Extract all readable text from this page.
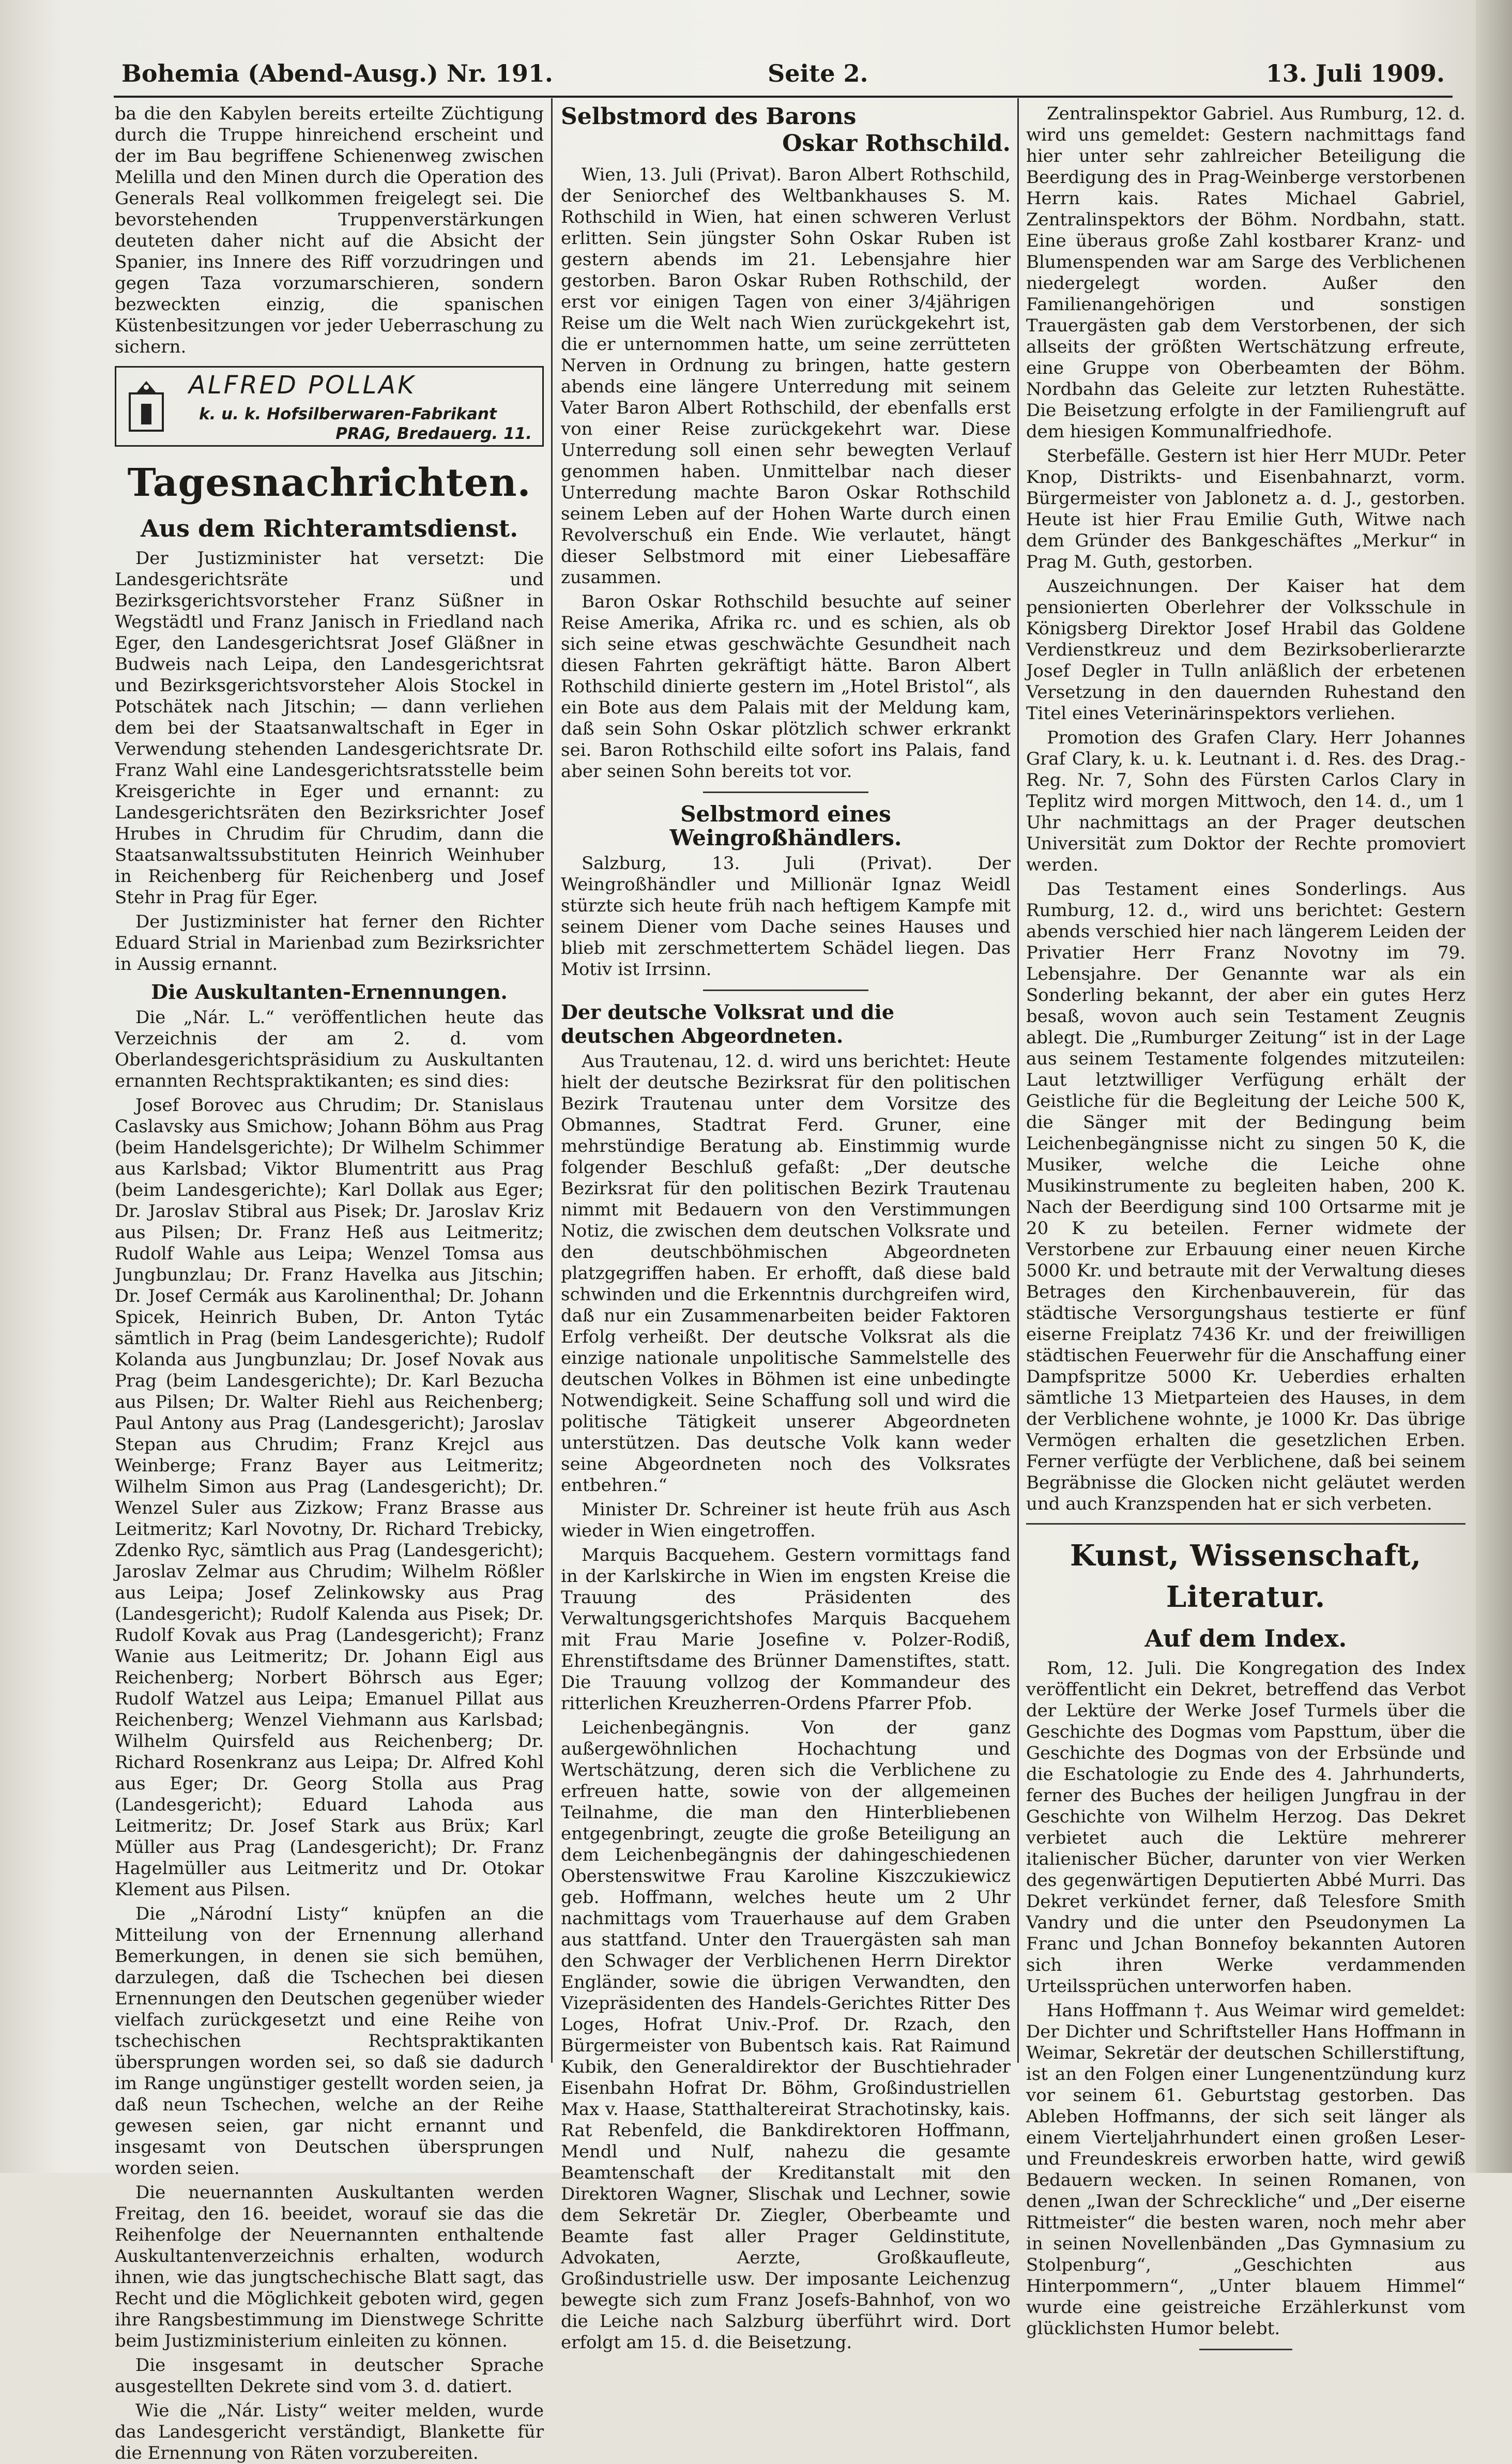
Bohemia (Abend-Ausg.) Nr. 191.	Seite 2.	13. Juli 1909.

ba die den Kabylen bereits erteilte Züchtigung durch die Truppe hinreichend erscheint und der im Bau begriffene Schienenweg zwischen Melilla und den Minen durch die Operation des Generals Real vollkommen freigelegt sei. Die bevorstehenden Truppenverstärkungen deuteten daher nicht auf die Absicht der Spanier, ins Innere des Riff vorzudringen und gegen Taza vorzumarschieren, sondern bezweckten einzig, die spanischen Küstenbesitzungen vor jeder Ueberraschung zu sichern.

ALFRED POLLAK
k. u. k. Hofsilberwaren-Fabrikant
PRAG, Bredauerg. 11.
Tagesnachrichten.
Aus dem Richteramtsdienst.

Der Justizminister hat versetzt: Die Landesgerichtsräte und Bezirksgerichtsvorsteher Franz Süßner in Wegstädtl und Franz Janisch in Friedland nach Eger, den Landesgerichtsrat Josef Gläßner in Budweis nach Leipa, den Landesgerichtsrat und Bezirksgerichtsvorsteher Alois Stockel in Potschätek nach Jitschin; — dann verliehen dem bei der Staatsanwaltschaft in Eger in Verwendung stehenden Landesgerichtsrate Dr. Franz Wahl eine Landesgerichtsratsstelle beim Kreisgerichte in Eger und ernannt: zu Landesgerichtsräten den Bezirksrichter Josef Hrubes in Chrudim für Chrudim, dann die Staatsanwaltssubstituten Heinrich Weinhuber in Reichenberg für Reichenberg und Josef Stehr in Prag für Eger.

Der Justizminister hat ferner den Richter Eduard Strial in Marienbad zum Bezirksrichter in Aussig ernannt.

Die Auskultanten-Ernennungen.

Die „Nár. L.“ veröffentlichen heute das Verzeichnis der am 2. d. vom Oberlandesgerichtspräsidium zu Auskultanten ernannten Rechtspraktikanten; es sind dies:

Josef Borovec aus Chrudim; Dr. Stanislaus Caslavsky aus Smichow; Johann Böhm aus Prag (beim Handelsgerichte); Dr Wilhelm Schimmer aus Karlsbad; Viktor Blumentritt aus Prag (beim Landesgerichte); Karl Dollak aus Eger; Dr. Jaroslav Stibral aus Pisek; Dr. Jaroslav Kriz aus Pilsen; Dr. Franz Heß aus Leitmeritz; Rudolf Wahle aus Leipa; Wenzel Tomsa aus Jungbunzlau; Dr. Franz Havelka aus Jitschin; Dr. Josef Cermák aus Karolinenthal; Dr. Johann Spicek, Heinrich Buben, Dr. Anton Tytác sämtlich in Prag (beim Landesgerichte); Rudolf Kolanda aus Jungbunzlau; Dr. Josef Novak aus Prag (beim Landesgerichte); Dr. Karl Bezucha aus Pilsen; Dr. Walter Riehl aus Reichenberg; Paul Antony aus Prag (Landesgericht); Jaroslav Stepan aus Chrudim; Franz Krejcl aus Weinberge; Franz Bayer aus Leitmeritz; Wilhelm Simon aus Prag (Landesgericht); Dr. Wenzel Suler aus Zizkow; Franz Brasse aus Leitmeritz; Karl Novotny, Dr. Richard Trebicky, Zdenko Ryc, sämtlich aus Prag (Landesgericht); Jaroslav Zelmar aus Chrudim; Wilhelm Rößler aus Leipa; Josef Zelinkowsky aus Prag (Landesgericht); Rudolf Kalenda aus Pisek; Dr. Rudolf Kovak aus Prag (Landesgericht); Franz Wanie aus Leitmeritz; Dr. Johann Eigl aus Reichenberg; Norbert Böhrsch aus Eger; Rudolf Watzel aus Leipa; Emanuel Pillat aus Reichenberg; Wenzel Viehmann aus Karlsbad; Wilhelm Quirsfeld aus Reichenberg; Dr. Richard Rosenkranz aus Leipa; Dr. Alfred Kohl aus Eger; Dr. Georg Stolla aus Prag (Landesgericht); Eduard Lahoda aus Leitmeritz; Dr. Josef Stark aus Brüx; Karl Müller aus Prag (Landesgericht); Dr. Franz Hagelmüller aus Leitmeritz und Dr. Otokar Klement aus Pilsen.

Die „Národní Listy“ knüpfen an die Mitteilung von der Ernennung allerhand Bemerkungen, in denen sie sich bemühen, darzulegen, daß die Tschechen bei diesen Ernennungen den Deutschen gegenüber wieder vielfach zurückgesetzt und eine Reihe von tschechischen Rechtspraktikanten übersprungen worden sei, so daß sie dadurch im Range ungünstiger gestellt worden seien, ja daß neun Tschechen, welche an der Reihe gewesen seien, gar nicht ernannt und insgesamt von Deutschen übersprungen worden seien.

Die neuernannten Auskultanten werden Freitag, den 16. beeidet, worauf sie das die Reihenfolge der Neuernannten enthaltende Auskultantenverzeichnis erhalten, wodurch ihnen, wie das jungtschechische Blatt sagt, das Recht und die Möglichkeit geboten wird, gegen ihre Rangsbestimmung im Dienstwege Schritte beim Justizministerium einleiten zu können.

Die insgesamt in deutscher Sprache ausgestellten Dekrete sind vom 3. d. datiert.

Wie die „Nár. Listy“ weiter melden, wurde das Landesgericht verständigt, Blankette für die Ernennung von Räten vorzubereiten.

Selbstmord des Barons
Oskar Rothschild.

Wien, 13. Juli (Privat). Baron Albert Rothschild, der Seniorchef des Weltbankhauses S. M. Rothschild in Wien, hat einen schweren Verlust erlitten. Sein jüngster Sohn Oskar Ruben ist gestern abends im 21. Lebensjahre hier gestorben. Baron Oskar Ruben Rothschild, der erst vor einigen Tagen von einer 3/4jährigen Reise um die Welt nach Wien zurückgekehrt ist, die er unternommen hatte, um seine zerrütteten Nerven in Ordnung zu bringen, hatte gestern abends eine längere Unterredung mit seinem Vater Baron Albert Rothschild, der ebenfalls erst von einer Reise zurückgekehrt war. Diese Unterredung soll einen sehr bewegten Verlauf genommen haben. Unmittelbar nach dieser Unterredung machte Baron Oskar Rothschild seinem Leben auf der Hohen Warte durch einen Revolverschuß ein Ende. Wie verlautet, hängt dieser Selbstmord mit einer Liebesaffäre zusammen.

Baron Oskar Rothschild besuchte auf seiner Reise Amerika, Afrika rc. und es schien, als ob sich seine etwas geschwächte Gesundheit nach diesen Fahrten gekräftigt hätte. Baron Albert Rothschild dinierte gestern im „Hotel Bristol“, als ein Bote aus dem Palais mit der Meldung kam, daß sein Sohn Oskar plötzlich schwer erkrankt sei. Baron Rothschild eilte sofort ins Palais, fand aber seinen Sohn bereits tot vor.

Selbstmord eines Weingroßhändlers.

Salzburg, 13. Juli (Privat). Der Weingroßhändler und Millionär Ignaz Weidl stürzte sich heute früh nach heftigem Kampfe mit seinem Diener vom Dache seines Hauses und blieb mit zerschmettertem Schädel liegen. Das Motiv ist Irrsinn.

Der deutsche Volksrat und die deutschen Abgeordneten.

Aus Trautenau, 12. d. wird uns berichtet: Heute hielt der deutsche Bezirksrat für den politischen Bezirk Trautenau unter dem Vorsitze des Obmannes, Stadtrat Ferd. Gruner, eine mehrstündige Beratung ab. Einstimmig wurde folgender Beschluß gefaßt: „Der deutsche Bezirksrat für den politischen Bezirk Trautenau nimmt mit Bedauern von den Verstimmungen Notiz, die zwischen dem deutschen Volksrate und den deutschböhmischen Abgeordneten platzgegriffen haben. Er erhofft, daß diese bald schwinden und die Erkenntnis durchgreifen wird, daß nur ein Zusammenarbeiten beider Faktoren Erfolg verheißt. Der deutsche Volksrat als die einzige nationale unpolitische Sammelstelle des deutschen Volkes in Böhmen ist eine unbedingte Notwendigkeit. Seine Schaffung soll und wird die politische Tätigkeit unserer Abgeordneten unterstützen. Das deutsche Volk kann weder seine Abgeordneten noch des Volksrates entbehren.“

Minister Dr. Schreiner ist heute früh aus Asch wieder in Wien eingetroffen.

Marquis Bacquehem. Gestern vormittags fand in der Karlskirche in Wien im engsten Kreise die Trauung des Präsidenten des Verwaltungsgerichtshofes Marquis Bacquehem mit Frau Marie Josefine v. Polzer-Rodiß, Ehrenstiftsdame des Brünner Damenstiftes, statt. Die Trauung vollzog der Kommandeur des ritterlichen Kreuzherren-Ordens Pfarrer Pfob.

Leichenbegängnis. Von der ganz außergewöhnlichen Hochachtung und Wertschätzung, deren sich die Verblichene zu erfreuen hatte, sowie von der allgemeinen Teilnahme, die man den Hinterbliebenen entgegenbringt, zeugte die große Beteiligung an dem Leichenbegängnis der dahingeschiedenen Oberstenswitwe Frau Karoline Kiszczukiewicz geb. Hoffmann, welches heute um 2 Uhr nachmittags vom Trauerhause auf dem Graben aus stattfand. Unter den Trauergästen sah man den Schwager der Verblichenen Herrn Direktor Engländer, sowie die übrigen Verwandten, den Vizepräsidenten des Handels-Gerichtes Ritter Des Loges, Hofrat Univ.-Prof. Dr. Rzach, den Bürgermeister von Bubentsch kais. Rat Raimund Kubik, den Generaldirektor der Buschtiehrader Eisenbahn Hofrat Dr. Böhm, Großindustriellen Max v. Haase, Statthaltereirat Strachotinsky, kais. Rat Rebenfeld, die Bankdirektoren Hoffmann, Mendl und Nulf, nahezu die gesamte Beamtenschaft der Kreditanstalt mit den Direktoren Wagner, Slischak und Lechner, sowie dem Sekretär Dr. Ziegler, Oberbeamte und Beamte fast aller Prager Geldinstitute, Advokaten, Aerzte, Großkaufleute, Großindustrielle usw. Der imposante Leichenzug bewegte sich zum Franz Josefs-Bahnhof, von wo die Leiche nach Salzburg überführt wird. Dort erfolgt am 15. d. die Beisetzung.

Zentralinspektor Gabriel. Aus Rumburg, 12. d. wird uns gemeldet: Gestern nachmittags fand hier unter sehr zahlreicher Beteiligung die Beerdigung des in Prag-Weinberge verstorbenen Herrn kais. Rates Michael Gabriel, Zentralinspektors der Böhm. Nordbahn, statt. Eine überaus große Zahl kostbarer Kranz- und Blumenspenden war am Sarge des Verblichenen niedergelegt worden. Außer den Familienangehörigen und sonstigen Trauergästen gab dem Verstorbenen, der sich allseits der größten Wertschätzung erfreute, eine Gruppe von Oberbeamten der Böhm. Nordbahn das Geleite zur letzten Ruhestätte. Die Beisetzung erfolgte in der Familiengruft auf dem hiesigen Kommunalfriedhofe.

Sterbefälle. Gestern ist hier Herr MUDr. Peter Knop, Distrikts- und Eisenbahnarzt, vorm. Bürgermeister von Jablonetz a. d. J., gestorben. Heute ist hier Frau Emilie Guth, Witwe nach dem Gründer des Bankgeschäftes „Merkur“ in Prag M. Guth, gestorben.

Auszeichnungen. Der Kaiser hat dem pensionierten Oberlehrer der Volksschule in Königsberg Direktor Josef Hrabil das Goldene Verdienstkreuz und dem Bezirksoberlierarzte Josef Degler in Tulln anläßlich der erbetenen Versetzung in den dauernden Ruhestand den Titel eines Veterinärinspektors verliehen.

Promotion des Grafen Clary. Herr Johannes Graf Clary, k. u. k. Leutnant i. d. Res. des Drag.-Reg. Nr. 7, Sohn des Fürsten Carlos Clary in Teplitz wird morgen Mittwoch, den 14. d., um 1 Uhr nachmittags an der Prager deutschen Universität zum Doktor der Rechte promoviert werden.

Das Testament eines Sonderlings. Aus Rumburg, 12. d., wird uns berichtet: Gestern abends verschied hier nach längerem Leiden der Privatier Herr Franz Novotny im 79. Lebensjahre. Der Genannte war als ein Sonderling bekannt, der aber ein gutes Herz besaß, wovon auch sein Testament Zeugnis ablegt. Die „Rumburger Zeitung“ ist in der Lage aus seinem Testamente folgendes mitzuteilen: Laut letztwilliger Verfügung erhält der Geistliche für die Begleitung der Leiche 500 K, die Sänger mit der Bedingung beim Leichenbegängnisse nicht zu singen 50 K, die Musiker, welche die Leiche ohne Musikinstrumente zu begleiten haben, 200 K. Nach der Beerdigung sind 100 Ortsarme mit je 20 K zu beteilen. Ferner widmete der Verstorbene zur Erbauung einer neuen Kirche 5000 Kr. und betraute mit der Verwaltung dieses Betrages den Kirchenbauverein, für das städtische Versorgungshaus testierte er fünf eiserne Freiplatz 7436 Kr. und der freiwilligen städtischen Feuerwehr für die Anschaffung einer Dampfspritze 5000 Kr. Ueberdies erhalten sämtliche 13 Mietparteien des Hauses, in dem der Verblichene wohnte, je 1000 Kr. Das übrige Vermögen erhalten die gesetzlichen Erben. Ferner verfügte der Verblichene, daß bei seinem Begräbnisse die Glocken nicht geläutet werden und auch Kranzspenden hat er sich verbeten.

Kunst, Wissenschaft, Literatur.
Auf dem Index.

Rom, 12. Juli. Die Kongregation des Index veröffentlicht ein Dekret, betreffend das Verbot der Lektüre der Werke Josef Turmels über die Geschichte des Dogmas vom Papsttum, über die Geschichte des Dogmas von der Erbsünde und die Eschatologie zu Ende des 4. Jahrhunderts, ferner des Buches der heiligen Jungfrau in der Geschichte von Wilhelm Herzog. Das Dekret verbietet auch die Lektüre mehrerer italienischer Bücher, darunter von vier Werken des gegenwärtigen Deputierten Abbé Murri. Das Dekret verkündet ferner, daß Telesfore Smith Vandry und die unter den Pseudonymen La Franc und Jchan Bonnefoy bekannten Autoren sich ihren Werke verdammenden Urteilssprüchen unterworfen haben.

Hans Hoffmann †. Aus Weimar wird gemeldet: Der Dichter und Schriftsteller Hans Hoffmann in Weimar, Sekretär der deutschen Schillerstiftung, ist an den Folgen einer Lungenentzündung kurz vor seinem 61. Geburtstag gestorben. Das Ableben Hoffmanns, der sich seit länger als einem Vierteljahrhundert einen großen Leser- und Freundeskreis erworben hatte, wird gewiß Bedauern wecken. In seinen Romanen, von denen „Iwan der Schreckliche“ und „Der eiserne Rittmeister“ die besten waren, noch mehr aber in seinen Novellenbänden „Das Gymnasium zu Stolpenburg“, „Geschichten aus Hinterpommern“, „Unter blauem Himmel“ wurde eine geistreiche Erzählerkunst vom glücklichsten Humor belebt.
